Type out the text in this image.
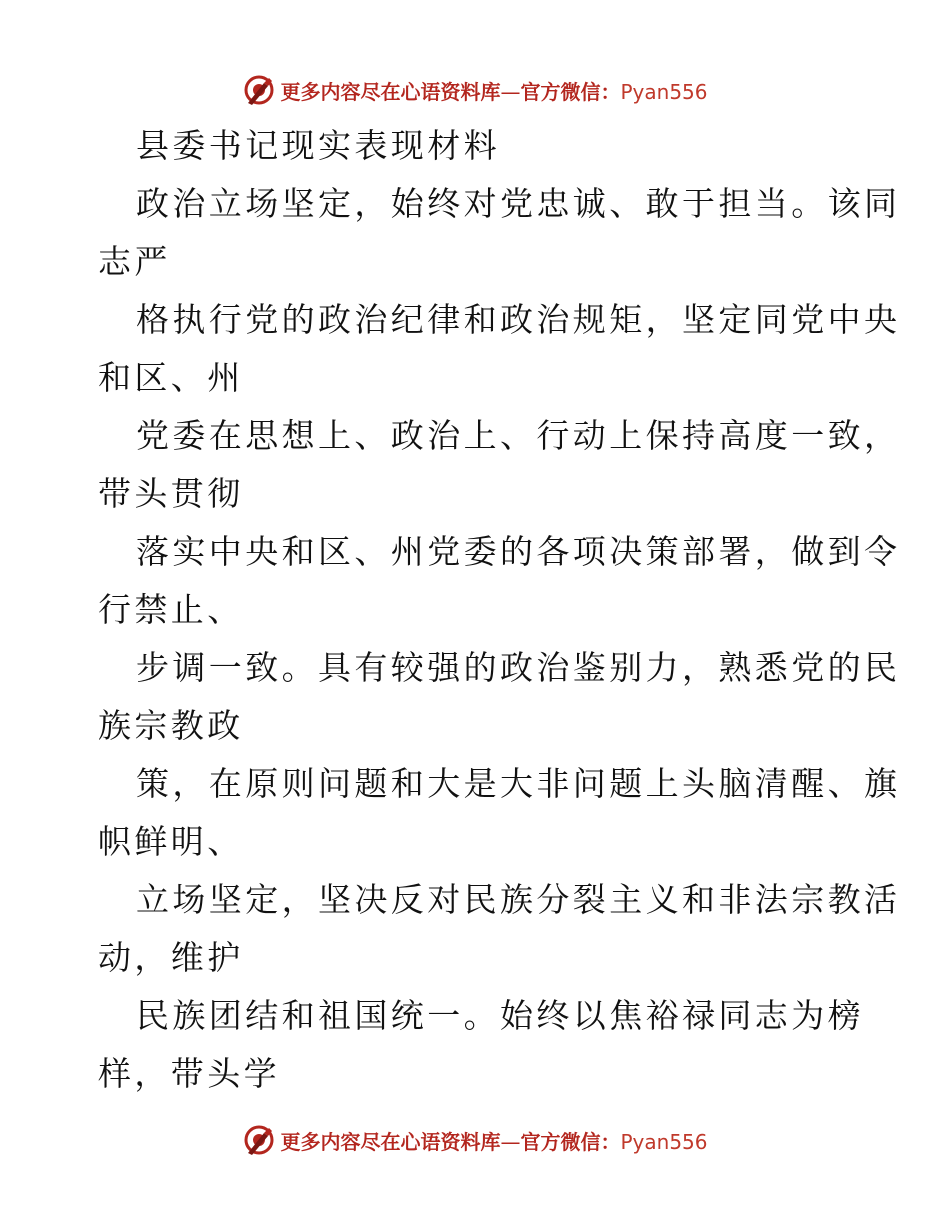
更多内容尽在心语资料库—官方微信：Pyan556
县委书记现实表现材料
政治立场坚定，始终对党忠诚、敢于担当。该同
志严
格执行党的政治纪律和政治规矩，坚定同党中央
和区、州
党委在思想上、政治上、行动上保持高度一致，
带头贯彻
落实中央和区、州党委的各项决策部署，做到令
行禁止、
步调一致。具有较强的政治鉴别力，熟悉党的民
族宗教政
策，在原则问题和大是大非问题上头脑清醒、旗
帜鲜明、
立场坚定，坚决反对民族分裂主义和非法宗教活
动，维护
民族团结和祖国统一。始终以焦裕禄同志为榜
样，带头学
更多内容尽在心语资料库—官方微信：Pyan556
